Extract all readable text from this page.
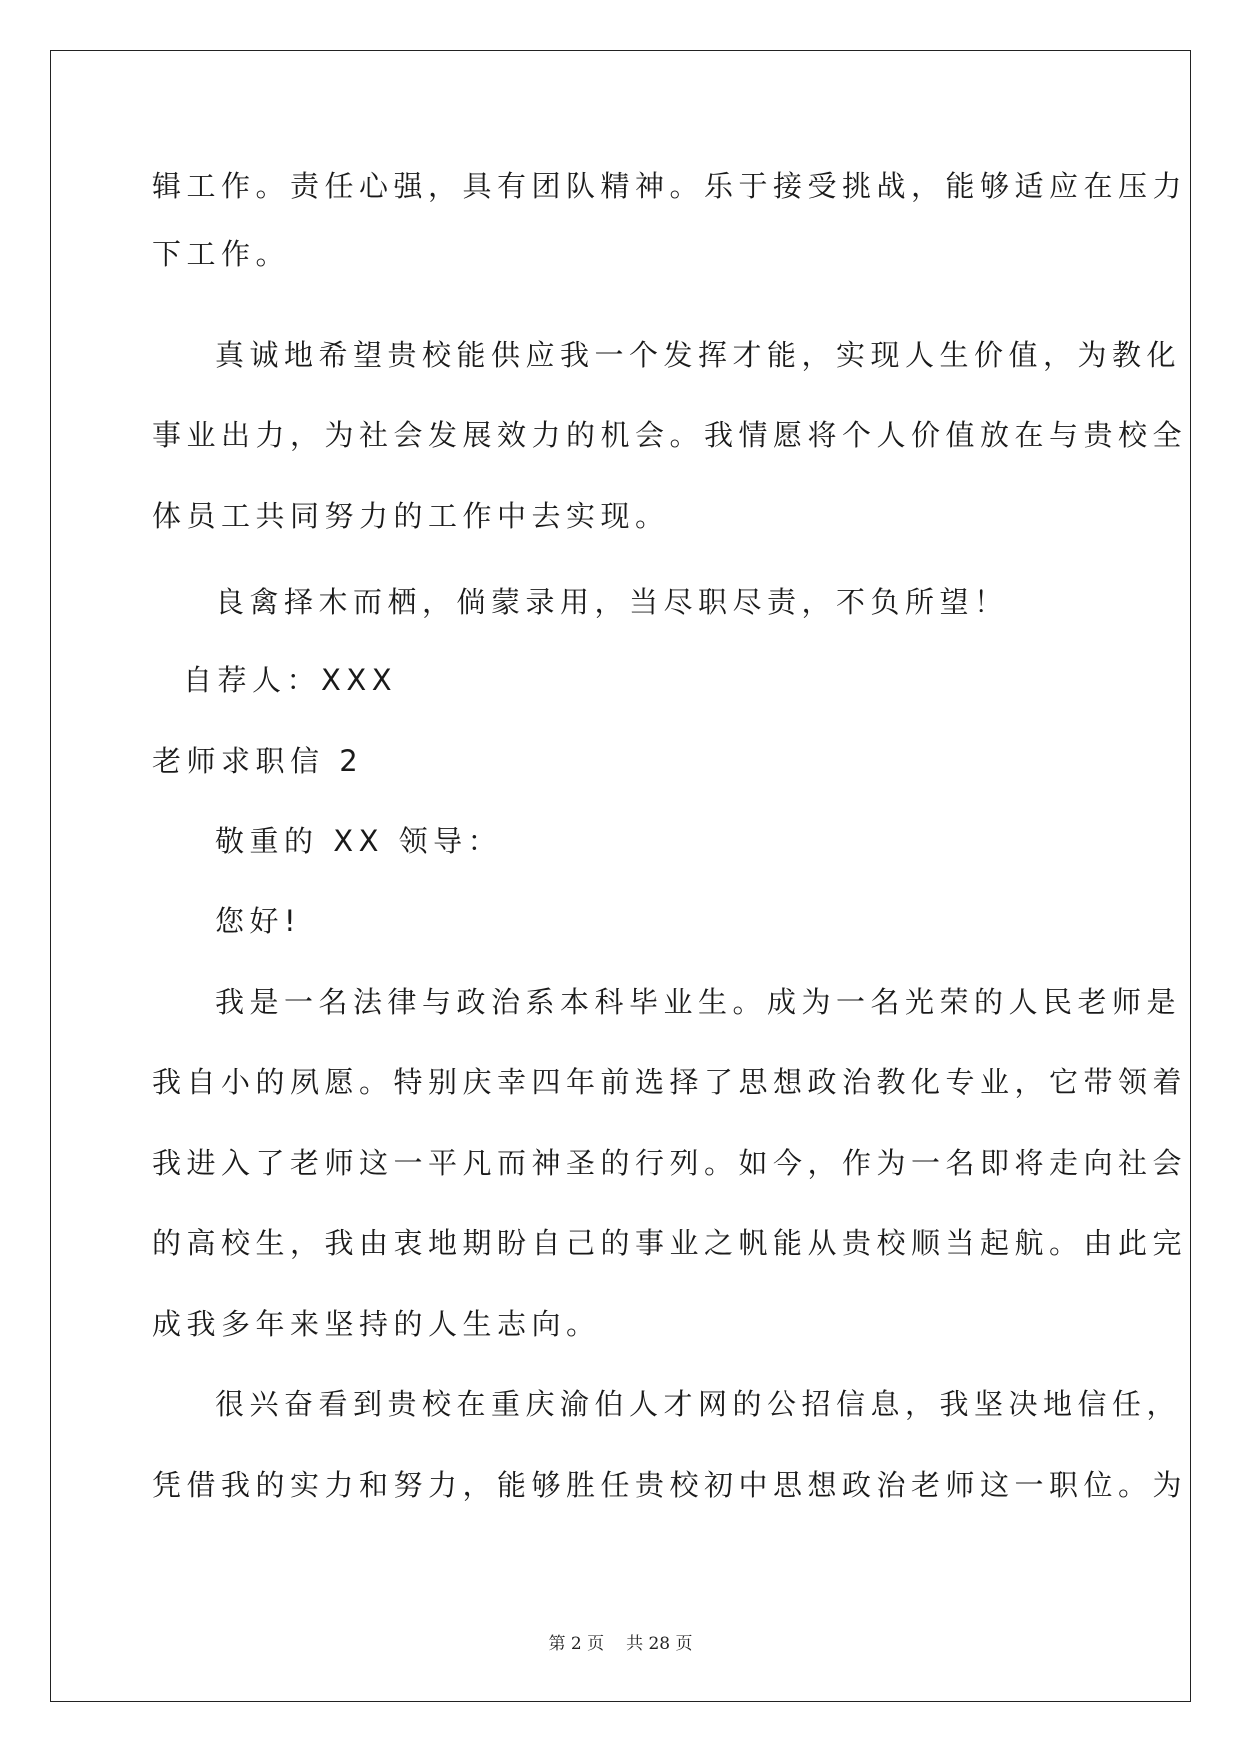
辑工作。责任心强，具有团队精神。乐于接受挑战，能够适应在压力
下工作。
真诚地希望贵校能供应我一个发挥才能，实现人生价值，为教化
事业出力，为社会发展效力的机会。我情愿将个人价值放在与贵校全
体员工共同努力的工作中去实现。
良禽择木而栖，倘蒙录用，当尽职尽责，不负所望！
自荐人：XXX
老师求职信 2
敬重的 XX 领导：
您好!
我是一名法律与政治系本科毕业生。成为一名光荣的人民老师是
我自小的夙愿。特别庆幸四年前选择了思想政治教化专业，它带领着
我进入了老师这一平凡而神圣的行列。如今，作为一名即将走向社会
的高校生，我由衷地期盼自己的事业之帆能从贵校顺当起航。由此完
成我多年来坚持的人生志向。
很兴奋看到贵校在重庆渝伯人才网的公招信息，我坚决地信任，
凭借我的实力和努力，能够胜任贵校初中思想政治老师这一职位。为
第 2 页 共 28 页
